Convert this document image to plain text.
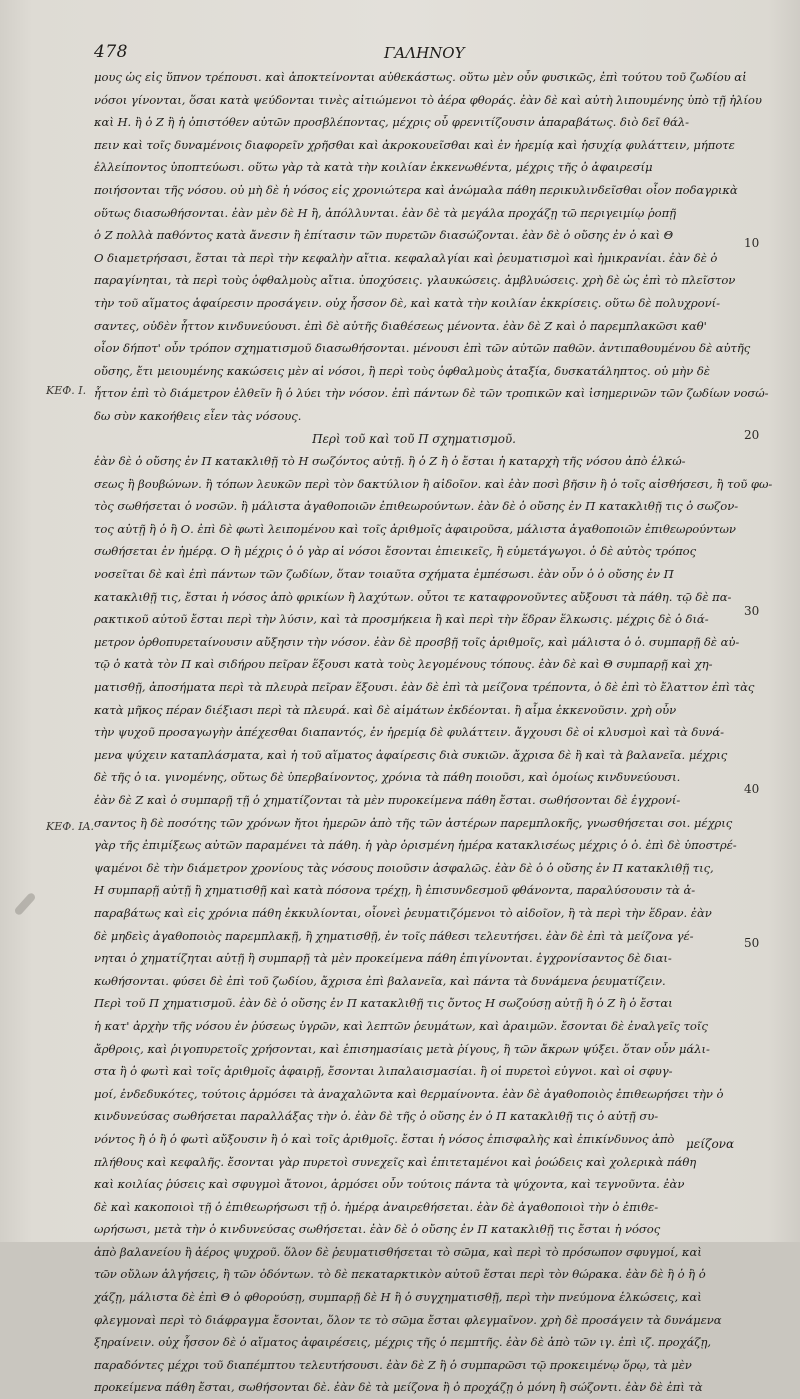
478	ΓΑΛΗΝΟΥ
ΚΕΦ. Ι.
ΚΕΦ. ΙΑ.
10
20
30
40
50
μους ὡς εἰς ὕπνον τρέπουσι. καὶ ἀποκτείνονται αὐθεκάστως. οὕτω μὲν οὖν φυσικῶς, ἐπὶ τούτου τοῦ ζωδίου αἱ
νόσοι γίνονται, ὅσαι κατὰ ψεύδονται τινὲς αἰτιώμενοι τὸ ἀέρα φθοράς. ἐὰν δὲ καὶ αὐτὴ λιπουμένης ὑπὸ τῇ ἡλίου
καὶ Η. ἢ ὁ Ζ ἢ ἡ ὀπιστόθεν αὐτῶν προσβλέποντας, μέχρις οὗ φρενιτίζουσιν ἀπαραβάτως. διὸ δεῖ θάλ-
πειν καὶ τοῖς δυναμένοις διαφορεῖν χρῆσθαι καὶ ἀκροκουεῖσθαι καὶ ἐν ἠρεμίᾳ καὶ ἡσυχίᾳ φυλάττειν, μήποτε
ἐλλείποντος ὑποπτεύωσι. οὕτω γὰρ τὰ κατὰ τὴν κοιλίαν ἐκκενωθέντα, μέχρις τῆς ὀ ἀφαιρεσίμ
ποιήσονται τῆς νόσου. οὐ μὴ δὲ ἡ νόσος εἰς χρονιώτερα καὶ ἀνώμαλα πάθη περικυλινδεῖσθαι οἷον ποδαγρικὰ
οὕτως διασωθήσονται. ἐὰν μὲν δὲ Η ἢ, ἀπόλλυνται. ἐὰν δὲ τὰ μεγάλα προχάζῃ τῶ περιγειμίῳ ῥοπῇ
ὁ Ζ πολλὰ παθόντος κατὰ ἄνεσιν ἢ ἐπίτασιν τῶν πυρετῶν διασώζονται. ἐὰν δὲ ὁ οὔσης ἐν ὁ καὶ Θ
Ο διαμετρήσασι, ἔσται τὰ περὶ τὴν κεφαλὴν αἴτια. κεφαλαλγίαι καὶ ῥευματισμοὶ καὶ ἡμικρανίαι. ἐὰν δὲ ὁ
παραγίνηται, τὰ περὶ τοὺς ὀφθαλμοὺς αἴτια. ὑποχύσεις. γλαυκώσεις. ἀμβλυώσεις. χρὴ δὲ ὡς ἐπὶ τὸ πλεῖστον
τὴν τοῦ αἵματος ἀφαίρεσιν προσάγειν. οὐχ ἧσσον δὲ, καὶ κατὰ τὴν κοιλίαν ἐκκρίσεις. οὕτω δὲ πολυχρονί-
σαντες, οὐδὲν ἧττον κινδυνεύουσι. ἐπὶ δὲ αὐτῆς διαθέσεως μένοντα. ἐὰν δὲ Ζ καὶ ὁ παρεμπλακῶσι καθ'
οἷον δήποτ' οὖν τρόπον σχηματισμοῦ διασωθήσονται. μένουσι ἐπὶ τῶν αὐτῶν παθῶν. ἀντιπαθουμένου δὲ αὐτῆς
οὔσης, ἔτι μειουμένης κακώσεις μὲν αἱ νόσοι, ἢ περὶ τοὺς ὀφθαλμοὺς ἀταξία, δυσκατάληπτος. οὐ μὴν δὲ
ἧττον ἐπὶ τὸ διάμετρον ἐλθεῖν ἢ ὁ λύει τὴν νόσον. ἐπὶ πάντων δὲ τῶν τροπικῶν καὶ ἰσημερινῶν τῶν ζωδίων νοσώ-
δω σὺν κακοήθεις εἶεν τὰς νόσους.
Περὶ τοῦ καὶ τοῦ Π σχηματισμοῦ.
ἐὰν δὲ ὁ οὔσης ἐν Π κατακλιθῇ τὸ Η σωζόντος αὐτῇ. ἢ ὁ Ζ ἢ ὁ ἔσται ἡ καταρχὴ τῆς νόσου ἀπὸ ἑλκώ-
σεως ἢ βουβώνων. ἢ τόπων λευκῶν περὶ τὸν δακτύλιον ἢ αἰδοῖον. καὶ ἐὰν ποσὶ βῆσιν ἢ ὁ τοῖς αἰσθήσεσι, ἢ τοῦ φω-
τὸς σωθήσεται ὁ νοσῶν. ἢ μάλιστα ἀγαθοποιῶν ἐπιθεωρούντων. ἐὰν δὲ ὁ οὔσης ἐν Π κατακλιθῇ τις ὁ σωζον-
τος αὐτῇ ἢ ὁ ἢ Ο. ἐπὶ δὲ φωτὶ λειπομένου καὶ τοῖς ἀριθμοῖς ἀφαιροῦσα, μάλιστα ἀγαθοποιῶν ἐπιθεωρούντων
σωθήσεται ἐν ἡμέρᾳ. Ο ἢ μέχρις ὁ ὁ γὰρ αἱ νόσοι ἔσονται ἐπιεικεῖς, ἢ εὐμετάγωγοι. ὁ δὲ αὐτὸς τρόπος
νοσεῖται δὲ καὶ ἐπὶ πάντων τῶν ζωδίων, ὅταν τοιαῦτα σχήματα ἐμπέσωσι. ἐὰν οὖν ὁ ὁ οὔσης ἐν Π
κατακλιθῇ τις, ἔσται ἡ νόσος ἀπὸ φρικίων ἢ λαχύτων. οὗτοι τε καταφρονοῦντες αὔξουσι τὰ πάθη. τῷ δὲ πα-
ρακτικοῦ αὐτοῦ ἔσται περὶ τὴν λύσιν, καὶ τὰ προσμήκεια ἢ καὶ περὶ τὴν ἕδραν ἕλκωσις. μέχρις δὲ ὁ διά-
μετρον ὀρθοπυρεταίνουσιν αὔξησιν τὴν νόσον. ἐὰν δὲ προσβῇ τοῖς ἀριθμοῖς, καὶ μάλιστα ὁ ὁ. συμπαρῇ δὲ αὐ-
τῷ ὁ κατὰ τὸν Π καὶ σιδήρου πεῖραν ἕξουσι κατὰ τοὺς λεγομένους τόπους. ἐὰν δὲ καὶ Θ συμπαρῇ καὶ χη-
ματισθῇ, ἀποσήματα περὶ τὰ πλευρὰ πεῖραν ἕξουσι. ἐὰν δὲ ἐπὶ τὰ μείζονα τρέποντα, ὁ δὲ ἐπὶ τὸ ἔλαττον ἐπὶ τὰς
κατὰ μῆκος πέραν διέξιασι περὶ τὰ πλευρά. καὶ δὲ αἱμάτων ἐκδέονται. ἢ αἷμα ἐκκενοῦσιν. χρὴ οὖν
τὴν ψυχοῦ προσαγωγὴν ἀπέχεσθαι διαπαντός, ἐν ἠρεμίᾳ δὲ φυλάττειν. ἄγχουσι δὲ οἱ κλυσμοὶ καὶ τὰ δυνά-
μενα ψύχειν καταπλάσματα, καὶ ἡ τοῦ αἵματος ἀφαίρεσις διὰ συκιῶν. ἄχρισα δὲ ἢ καὶ τὰ βαλανεῖα. μέχρις
δὲ τῆς ὁ ια. γινομένης, οὕτως δὲ ὑπερβαίνοντος, χρόνια τὰ πάθη ποιοῦσι, καὶ ὁμοίως κινδυνεύουσι.
ἐὰν δὲ Ζ καὶ ὁ συμπαρῇ τῇ ὁ χηματίζονται τὰ μὲν πυροκείμενα πάθη ἔσται. σωθήσονται δὲ ἐγχρονί-
σαντος ἢ δὲ ποσότης τῶν χρόνων ἤτοι ἡμερῶν ἀπὸ τῆς τῶν ἀστέρων παρεμπλοκῆς, γνωσθήσεται σοι. μέχρις
γὰρ τῆς ἐπιμίξεως αὐτῶν παραμένει τὰ πάθη. ἡ γὰρ ὁρισμένη ἡμέρα κατακλισέως μέχρις ὁ ὁ. ἐπὶ δὲ ὑποστρέ-
ψαμένοι δὲ τὴν διάμετρον χρονίους τὰς νόσους ποιοῦσιν ἀσφαλῶς. ἐὰν δὲ ὁ ὁ οὔσης ἐν Π κατακλιθῇ τις,
Η συμπαρῇ αὐτῇ ἢ χηματισθῇ καὶ κατὰ πόσονα τρέχῃ, ἢ ἐπισυνδεσμοῦ φθάνοντα, παραλύσουσιν τὰ ἀ-
παραβάτως καὶ εἰς χρόνια πάθη ἐκκυλίονται, οἷονεὶ ῥευματιζόμενοι τὸ αἰδοῖον, ἢ τὰ περὶ τὴν ἕδραν. ἐὰν
δὲ μηδεὶς ἀγαθοποιὸς παρεμπλακῇ, ἢ χηματισθῇ, ἐν τοῖς πάθεσι τελευτήσει. ἐὰν δὲ ἐπὶ τὰ μείζονα γέ-
νηται ὁ χηματίζηται αὐτῇ ἢ συμπαρῇ τὰ μὲν προκείμενα πάθη ἐπιγίνονται. ἐγχρονίσαντος δὲ διαι-
κωθήσονται. φύσει δὲ ἐπὶ τοῦ ζωδίου, ἄχρισα ἐπὶ βαλανεῖα, καὶ πάντα τὰ δυνάμενα ῥευματίζειν.
Περὶ τοῦ Π χηματισμοῦ. ἐὰν δὲ ὁ οὔσης ἐν Π κατακλιθῇ τις ὄντος Η σωζούσῃ αὐτῇ ἢ ὁ Ζ ἢ ὁ ἔσται
ἡ κατ' ἀρχὴν τῆς νόσου ἐν ῥύσεως ὑγρῶν, καὶ λεπτῶν ῥευμάτων, καὶ ἀραιμῶν. ἔσονται δὲ ἐναλγεῖς τοῖς
ἄρθροις, καὶ ῥιγοπυρετοῖς χρήσονται, καὶ ἐπισημασίαις μετὰ ῥίγους, ἢ τῶν ἄκρων ψύξει. ὅταν οὖν μάλι-
στα ἢ ὁ φωτὶ καὶ τοῖς ἀριθμοῖς ἀφαιρῇ, ἔσονται λιπαλαισμασίαι. ἢ οἱ πυρετοὶ εὐγνοι. καὶ οἱ σφυγ-
μοί, ἐνδεδυκότες, τούτοις ἁρμόσει τὰ ἀναχαλῶντα καὶ θερμαίνοντα. ἐὰν δὲ ἀγαθοποιὸς ἐπιθεωρήσει τὴν ὁ
κινδυνεύσας σωθήσεται παραλλάξας τὴν ὁ. ἐὰν δὲ τῆς ὁ οὔσης ἐν ὁ Π κατακλιθῇ τις ὁ αὐτῇ συ-
νόντος ἢ ὁ ἢ ὁ φωτὶ αὔξουσιν ἢ ὁ καὶ τοῖς ἀριθμοῖς. ἔσται ἡ νόσος ἐπισφαλὴς καὶ ἐπικίνδυνος ἀπὸ
πλήθους καὶ κεφαλῆς. ἔσονται γὰρ πυρετοὶ συνεχεῖς καὶ ἐπιτεταμένοι καὶ ῥοώδεις καὶ χολερικὰ πάθη
καὶ κοιλίας ῥύσεις καὶ σφυγμοὶ ἄτονοι, ἁρμόσει οὖν τούτοις πάντα τὰ ψύχοντα, καὶ τεγνοῦντα. ἐὰν
δὲ καὶ κακοποιοὶ τῇ ὁ ἐπιθεωρήσωσι τῇ ὁ. ἡμέρᾳ ἀναιρεθήσεται. ἐὰν δὲ ἀγαθοποιοὶ τὴν ὁ ἐπιθε-
ωρήσωσι, μετὰ τὴν ὁ κινδυνεύσας σωθήσεται. ἐὰν δὲ ὁ οὔσης ἐν Π κατακλιθῇ τις ἔσται ἡ νόσος
ἀπὸ βαλανείου ἢ ἀέρος ψυχροῦ. ὅλον δὲ ῥευματισθήσεται τὸ σῶμα, καὶ περὶ τὸ πρόσωπον σφυγμοί, καὶ
τῶν οὔλων ἀλγήσεις, ἢ τῶν ὀδόντων. τὸ δὲ πεκαταρκτικὸν αὐτοῦ ἔσται περὶ τὸν θώρακα. ἐὰν δὲ ἢ ὁ ἢ ὁ
χάζῃ, μάλιστα δὲ ἐπὶ Θ ὁ φθορούσῃ, συμπαρῇ δὲ Η ἢ ὁ συγχηματισθῇ, περὶ τὴν πνεύμονα ἑλκώσεις, καὶ
φλεγμοναὶ περὶ τὸ διάφραγμα ἔσονται, ὅλον τε τὸ σῶμα ἔσται φλεγμαῖνον. χρὴ δὲ προσάγειν τὰ δυνάμενα
ξηραίνειν. οὐχ ἧσσον δὲ ὁ αἵματος ἀφαιρέσεις, μέχρις τῆς ὁ πεμπτῆς. ἐὰν δὲ ἀπὸ τῶν ιγ. ἐπὶ ιζ. προχάζῃ,
παραδόντες μέχρι τοῦ διαπέμπτου τελευτήσουσι. ἐὰν δὲ Ζ ἢ ὁ συμπαρῶσι τῷ προκειμένῳ ὅρῳ, τὰ μὲν
προκείμενα πάθη ἔσται, σωθήσονται δὲ. ἐὰν δὲ τὰ μείζονα ἢ ὁ προχάζῃ ὁ μόνη ἢ σώζοντι. ἐὰν δὲ ἐπὶ τὰ
μείζονα
